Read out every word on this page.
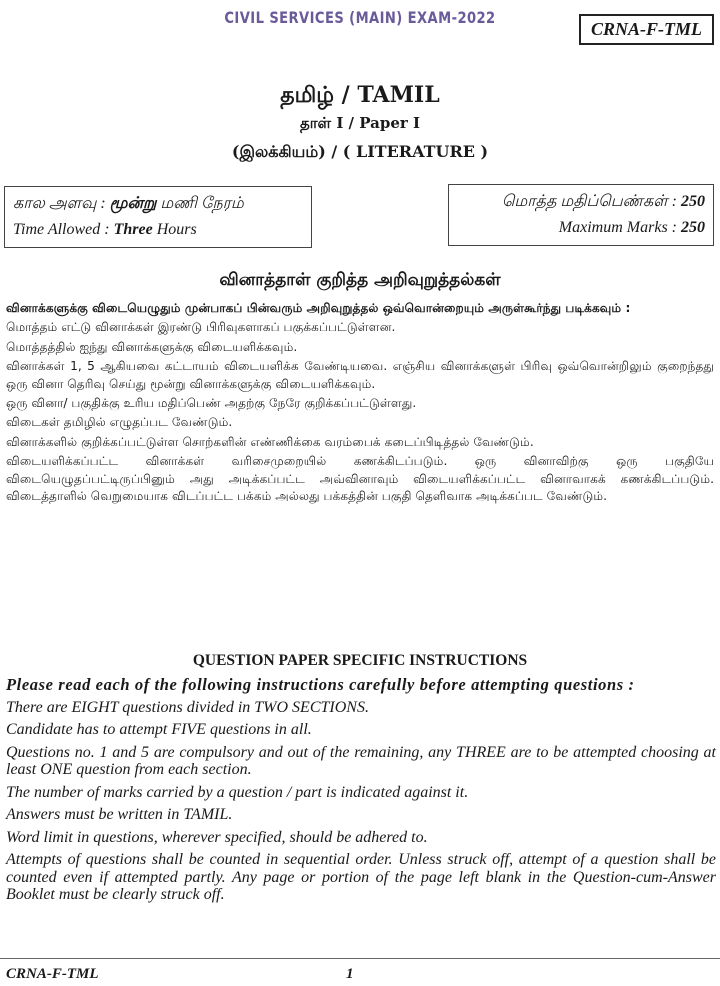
CIVIL SERVICES (MAIN) EXAM-2022
CRNA-F-TML
தமிழ் / TAMIL
தாள் I / Paper I
(இலக்கியம்) / ( LITERATURE )
கால அளவு : மூன்று மணி நேரம்
Time Allowed : Three Hours
மொத்த மதிப்பெண்கள் : 250
Maximum Marks : 250
வினாத்தாள் குறித்த அறிவுறுத்தல்கள்

வினாக்களுக்கு விடையெழுதும் முன்பாகப் பின்வரும் அறிவுறுத்தல் ஒவ்வொன்றையும் அருள்கூர்ந்து படிக்கவும் :

மொத்தம் எட்டு வினாக்கள் இரண்டு பிரிவுகளாகப் பகுக்கப்பட்டுள்ளன.

மொத்தத்தில் ஐந்து வினாக்களுக்கு விடையளிக்கவும்.

வினாக்கள் 1, 5 ஆகியவை கட்டாயம் விடையளிக்க வேண்டியவை. எஞ்சிய வினாக்களுள் பிரிவு ஒவ்வொன்றிலும் குறைந்தது ஒரு வினா தெரிவு செய்து மூன்று வினாக்களுக்கு விடையளிக்கவும்.

ஒரு வினா/ பகுதிக்கு உரிய மதிப்பெண் அதற்கு நேரே குறிக்கப்பட்டுள்ளது.

விடைகள் தமிழில் எழுதப்பட வேண்டும்.

வினாக்களில் குறிக்கப்பட்டுள்ள சொற்களின் எண்ணிக்கை வரம்பைக் கடைப்பிடித்தல் வேண்டும்.

விடையளிக்கப்பட்ட வினாக்கள் வரிசைமுறையில் கணக்கிடப்படும். ஒரு வினாவிற்கு ஒரு பகுதியே விடையெழுதப்பட்டிருப்பினும் அது அடிக்கப்பட்ட அவ்வினாவும் விடையளிக்கப்பட்ட வினாவாகக் கணக்கிடப்படும். விடைத்தாளில் வெறுமையாக விடப்பட்ட பக்கம் அல்லது பக்கத்தின் பகுதி தெளிவாக அடிக்கப்பட வேண்டும்.

QUESTION PAPER SPECIFIC INSTRUCTIONS

Please read each of the following instructions carefully before attempting questions :

There are EIGHT questions divided in TWO SECTIONS.

Candidate has to attempt FIVE questions in all.

Questions no. 1 and 5 are compulsory and out of the remaining, any THREE are to be attempted choosing at least ONE question from each section.

The number of marks carried by a question / part is indicated against it.

Answers must be written in TAMIL.

Word limit in questions, wherever specified, should be adhered to.

Attempts of questions shall be counted in sequential order. Unless struck off, attempt of a question shall be counted even if attempted partly. Any page or portion of the page left blank in the Question-cum-Answer Booklet must be clearly struck off.

CRNA-F-TML	1
